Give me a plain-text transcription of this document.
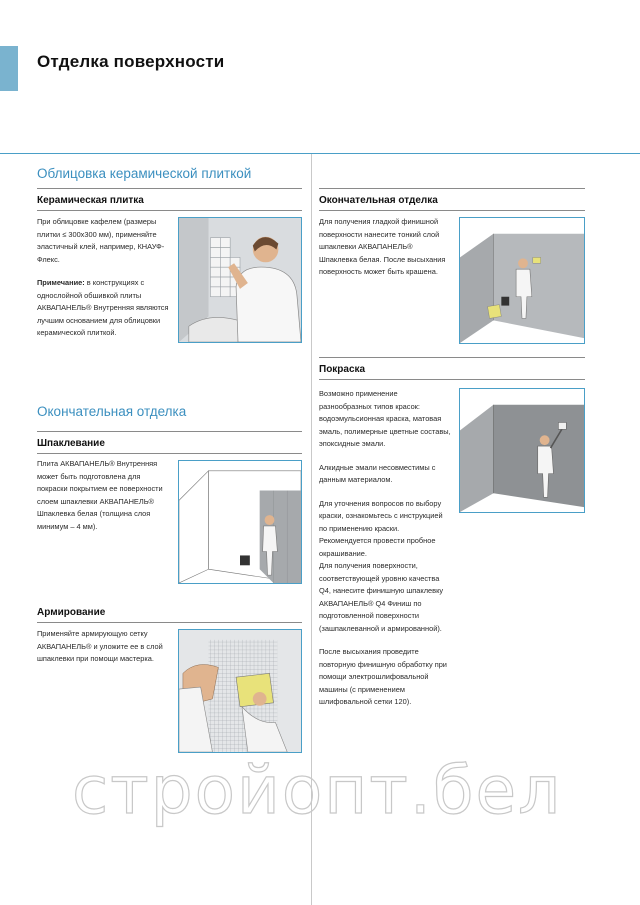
Отделка поверхности
Облицовка керамической плиткой
Керамическая плитка

При облицовке кафелем (размеры плитки ≤ 300х300 мм), применяйте эластичный клей, например, КНАУФ-Флекс.

Примечание: в конструкциях с однослойной обшивкой плиты АКВАПАНЕЛЬ® Внутренняя являются лучшим основанием для облицовки керамической плиткой.

Окончательная отделка
Шпаклевание

Плита АКВАПАНЕЛЬ® Внутренняя может быть подготовлена для покраски покрытием ее поверхности слоем шпаклевки АКВАПАНЕЛЬ® Шпаклевка белая (толщина слоя минимум – 4 мм).

Армирование

Применяйте армирующую сетку АКВАПАНЕЛЬ® и уложите ее в слой шпаклевки при помощи мастерка.

Окончательная отделка

Для получения гладкой финишной поверхности нанесите тонкий слой шпаклевки АКВАПАНЕЛЬ® Шпаклевка белая. После высыхания поверхность может быть крашена.

Покраска

Возможно применение разнообразных типов красок: водоэмульсионная краска, матовая эмаль, полимерные цветные составы, эпоксидные эмали.

Алкидные эмали несовместимы с данным материалом.

Для уточнения вопросов по выбору краски, ознакомьтесь с инструкцией по применению краски. Рекомендуется провести пробное окрашивание.

Для получения поверхности, соответствующей уровню качества Q4, нанесите финишную шпаклевку АКВАПАНЕЛЬ® Q4 Финиш по подготовленной поверхности (зашпаклеванной и армированной).

После высыхания проведите повторную финишную обработку при помощи электрошлифовальной машины (с применением шлифовальной сетки 120).

стройопт.бел
